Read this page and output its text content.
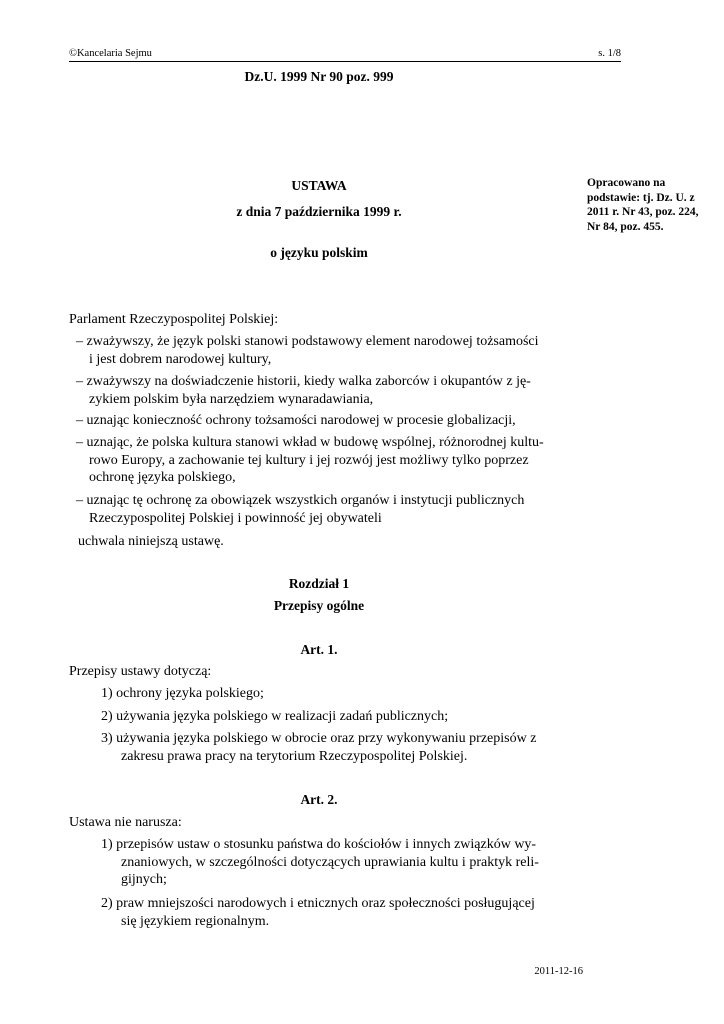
©Kancelaria Sejmu	s. 1/8
Dz.U. 1999 Nr 90 poz. 999
Opracowano na podstawie: tj. Dz. U. z 2011 r. Nr 43, poz. 224, Nr 84, poz. 455.
USTAWA
z dnia 7 października 1999 r.
o języku polskim
Parlament Rzeczypospolitej Polskiej:
– zważywszy, że język polski stanowi podstawowy element narodowej tożsamości
i jest dobrem narodowej kultury,
– zważywszy na doświadczenie historii, kiedy walka zaborców i okupantów z ję-
zykiem polskim była narzędziem wynaradawiania,
– uznając konieczność ochrony tożsamości narodowej w procesie globalizacji,
– uznając, że polska kultura stanowi wkład w budowę wspólnej, różnorodnej kultu-
rowo Europy, a zachowanie tej kultury i jej rozwój jest możliwy tylko poprzez
ochronę języka polskiego,
– uznając tę ochronę za obowiązek wszystkich organów i instytucji publicznych
Rzeczypospolitej Polskiej i powinność jej obywateli
uchwala niniejszą ustawę.
Rozdział 1
Przepisy ogólne
Art. 1.
Przepisy ustawy dotyczą:
1) ochrony języka polskiego;
2) używania języka polskiego w realizacji zadań publicznych;
3) używania języka polskiego w obrocie oraz przy wykonywaniu przepisów z
zakresu prawa pracy na terytorium Rzeczypospolitej Polskiej.
Art. 2.
Ustawa nie narusza:
1) przepisów ustaw o stosunku państwa do kościołów i innych związków wy-
znaniowych, w szczególności dotyczących uprawiania kultu i praktyk reli-
gijnych;
2) praw mniejszości narodowych i etnicznych oraz społeczności posługującej
się językiem regionalnym.
2011-12-16
